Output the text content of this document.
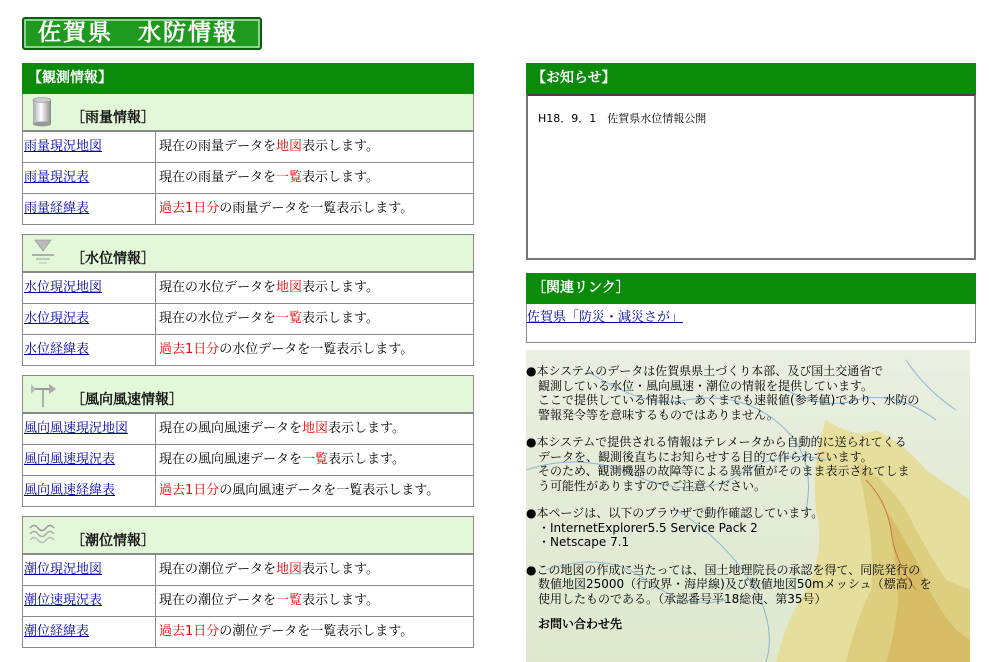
佐賀県　水防情報
【観測情報】
［雨量情報］
雨量現況地図	現在の雨量データを地図表示します。
雨量現況表	現在の雨量データを一覧表示します。
雨量経緯表	過去1日分の雨量データを一覧表示します。
［水位情報］
水位現況地図	現在の水位データを地図表示します。
水位現況表	現在の水位データを一覧表示します。
水位経緯表	過去1日分の水位データを一覧表示します。
［風向風速情報］
風向風速現況地図	現在の風向風速データを地図表示します。
風向風速現況表	現在の風向風速データを一覧表示します。
風向風速経緯表	過去1日分の風向風速データを一覧表示します。
［潮位情報］
潮位現況地図	現在の潮位データを地図表示します。
潮位速現況表	現在の潮位データを一覧表示します。
潮位経緯表	過去1日分の潮位データを一覧表示します。
【お知らせ】
H18．9．1　佐賀県水位情報公開
［関連リンク］
佐賀県「防災・減災さが」
●本システムのデータは佐賀県県土づくり本部、及び国土交通省で
　観測している水位・風向風速・潮位の情報を提供しています。
　ここで提供している情報は、あくまでも速報値(参考値)であり、水防の
　警報発令等を意味するものではありません。
●本システムで提供される情報はテレメータから自動的に送られてくる
　データを、観測後直ちにお知らせする目的で作られています。
　そのため、観測機器の故障等による異常値がそのまま表示されてしま
　う可能性がありますのでご注意ください。
●本ページは、以下のブラウザで動作確認しています。
　・InternetExplorer5.5 Service Pack 2
　・Netscape 7.1
●この地図の作成に当たっては、国土地理院長の承認を得て、同院発行の
　数値地図25000（行政界・海岸線)及び数値地図50mメッシュ（標高）を
　使用したものである。（承認番号平18総使、第35号）
お問い合わせ先
